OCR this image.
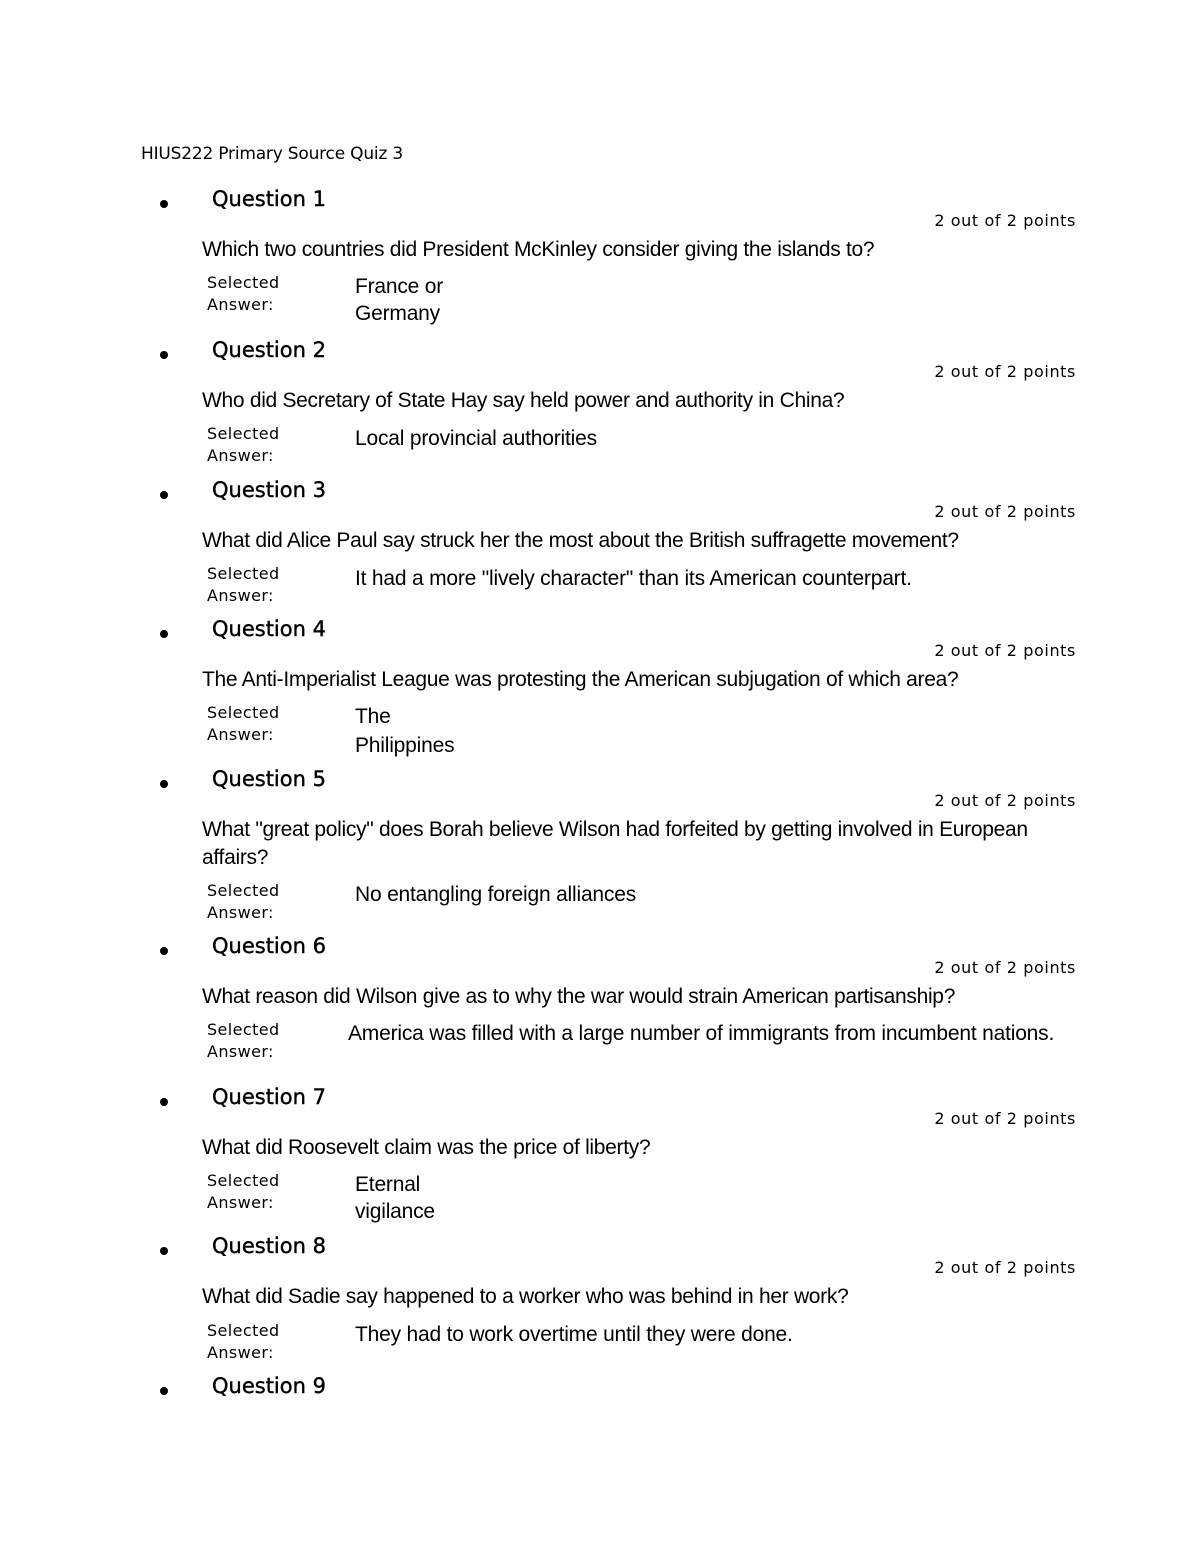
HIUS222 Primary Source Quiz 3
Question 1
2 out of 2 points
Which two countries did President McKinley consider giving the islands to?
Selected Answer:
France or Germany
Question 2
2 out of 2 points
Who did Secretary of State Hay say held power and authority in China?
Selected Answer:
Local provincial authorities
Question 3
2 out of 2 points
What did Alice Paul say struck her the most about the British suffragette movement?
Selected Answer:
It had a more "lively character" than its American counterpart.
Question 4
2 out of 2 points
The Anti-Imperialist League was protesting the American subjugation of which area?
Selected Answer:
The Philippines
Question 5
2 out of 2 points
What "great policy" does Borah believe Wilson had forfeited by getting involved in European affairs?
Selected Answer:
No entangling foreign alliances
Question 6
2 out of 2 points
What reason did Wilson give as to why the war would strain American partisanship?
Selected Answer:
America was filled with a large number of immigrants from incumbent nations.
Question 7
2 out of 2 points
What did Roosevelt claim was the price of liberty?
Selected Answer:
Eternal vigilance
Question 8
2 out of 2 points
What did Sadie say happened to a worker who was behind in her work?
Selected Answer:
They had to work overtime until they were done.
Question 9
